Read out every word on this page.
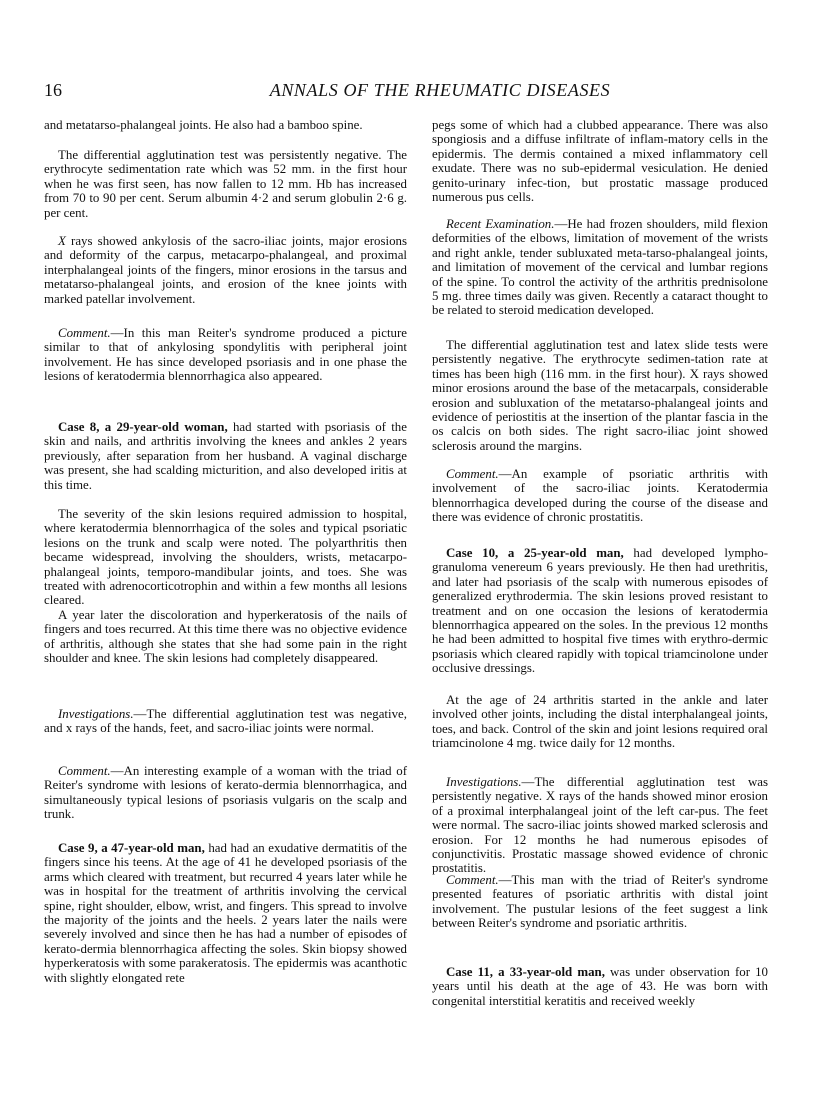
16	ANNALS OF THE RHEUMATIC DISEASES

and metatarso-phalangeal joints. He also had a bamboo spine.

The differential agglutination test was persistently negative. The erythrocyte sedimentation rate which was 52 mm. in the first hour when he was first seen, has now fallen to 12 mm. Hb has increased from 70 to 90 per cent. Serum albumin 4·2 and serum globulin 2·6 g. per cent.

X rays showed ankylosis of the sacro-iliac joints, major erosions and deformity of the carpus, metacarpo-phalangeal, and proximal interphalangeal joints of the fingers, minor erosions in the tarsus and metatarso-phalangeal joints, and erosion of the knee joints with marked patellar involvement.

Comment.—In this man Reiter's syndrome produced a picture similar to that of ankylosing spondylitis with peripheral joint involvement. He has since developed psoriasis and in one phase the lesions of keratodermia blennorrhagica also appeared.

Case 8, a 29-year-old woman, had started with psoriasis of the skin and nails, and arthritis involving the knees and ankles 2 years previously, after separation from her husband. A vaginal discharge was present, she had scalding micturition, and also developed iritis at this time.

The severity of the skin lesions required admission to hospital, where keratodermia blennorrhagica of the soles and typical psoriatic lesions on the trunk and scalp were noted. The polyarthritis then became widespread, involving the shoulders, wrists, metacarpo-phalangeal joints, temporo-mandibular joints, and toes. She was treated with adrenocorticotrophin and within a few months all lesions cleared.

A year later the discoloration and hyperkeratosis of the nails of fingers and toes recurred. At this time there was no objective evidence of arthritis, although she states that she had some pain in the right shoulder and knee. The skin lesions had completely disappeared.

Investigations.—The differential agglutination test was negative, and x rays of the hands, feet, and sacro-iliac joints were normal.

Comment.—An interesting example of a woman with the triad of Reiter's syndrome with lesions of kerato-dermia blennorrhagica, and simultaneously typical lesions of psoriasis vulgaris on the scalp and trunk.

Case 9, a 47-year-old man, had had an exudative dermatitis of the fingers since his teens. At the age of 41 he developed psoriasis of the arms which cleared with treatment, but recurred 4 years later while he was in hospital for the treatment of arthritis involving the cervical spine, right shoulder, elbow, wrist, and fingers. This spread to involve the majority of the joints and the heels. 2 years later the nails were severely involved and since then he has had a number of episodes of kerato-dermia blennorrhagica affecting the soles. Skin biopsy showed hyperkeratosis with some parakeratosis. The epidermis was acanthotic with slightly elongated rete

pegs some of which had a clubbed appearance. There was also spongiosis and a diffuse infiltrate of inflam-matory cells in the epidermis. The dermis contained a mixed inflammatory cell exudate. There was no sub-epidermal vesiculation. He denied genito-urinary infec-tion, but prostatic massage produced numerous pus cells.

Recent Examination.—He had frozen shoulders, mild flexion deformities of the elbows, limitation of movement of the wrists and right ankle, tender subluxated meta-tarso-phalangeal joints, and limitation of movement of the cervical and lumbar regions of the spine. To control the activity of the arthritis prednisolone 5 mg. three times daily was given. Recently a cataract thought to be related to steroid medication developed.

The differential agglutination test and latex slide tests were persistently negative. The erythrocyte sedimen-tation rate at times has been high (116 mm. in the first hour). X rays showed minor erosions around the base of the metacarpals, considerable erosion and subluxation of the metatarso-phalangeal joints and evidence of periostitis at the insertion of the plantar fascia in the os calcis on both sides. The right sacro-iliac joint showed sclerosis around the margins.

Comment.—An example of psoriatic arthritis with involvement of the sacro-iliac joints. Keratodermia blennorrhagica developed during the course of the disease and there was evidence of chronic prostatitis.

Case 10, a 25-year-old man, had developed lympho-granuloma venereum 6 years previously. He then had urethritis, and later had psoriasis of the scalp with numerous episodes of generalized erythrodermia. The skin lesions proved resistant to treatment and on one occasion the lesions of keratodermia blennorrhagica appeared on the soles. In the previous 12 months he had been admitted to hospital five times with erythro-dermic psoriasis which cleared rapidly with topical triamcinolone under occlusive dressings.

At the age of 24 arthritis started in the ankle and later involved other joints, including the distal interphalangeal joints, toes, and back. Control of the skin and joint lesions required oral triamcinolone 4 mg. twice daily for 12 months.

Investigations.—The differential agglutination test was persistently negative. X rays of the hands showed minor erosion of a proximal interphalangeal joint of the left car-pus. The feet were normal. The sacro-iliac joints showed marked sclerosis and erosion. For 12 months he had numerous episodes of conjunctivitis. Prostatic massage showed evidence of chronic prostatitis.

Comment.—This man with the triad of Reiter's syndrome presented features of psoriatic arthritis with distal joint involvement. The pustular lesions of the feet suggest a link between Reiter's syndrome and psoriatic arthritis.

Case 11, a 33-year-old man, was under observation for 10 years until his death at the age of 43. He was born with congenital interstitial keratitis and received weekly
